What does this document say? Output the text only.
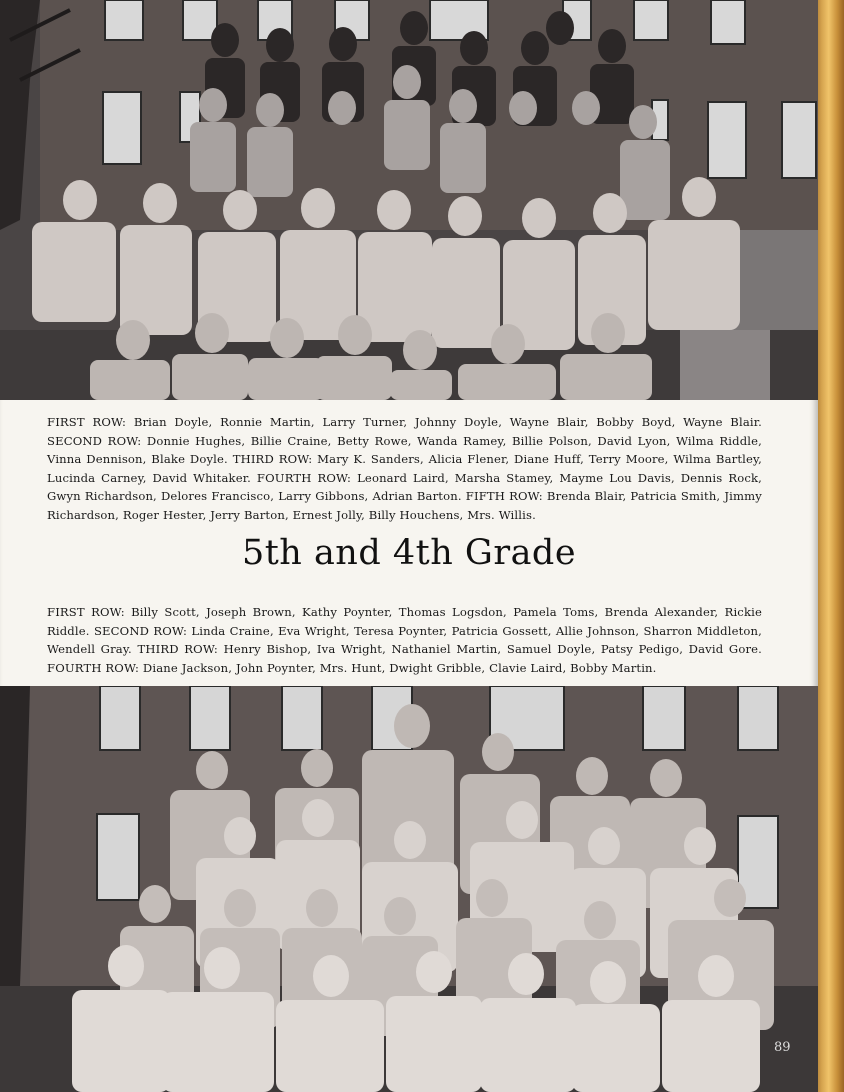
FIRST ROW: Brian Doyle, Ronnie Martin, Larry Turner, Johnny Doyle, Wayne Blair, Bobby Boyd, Wayne Blair. SECOND ROW: Donnie Hughes, Billie Craine, Betty Rowe, Wanda Ramey, Billie Polson, David Lyon, Wilma Riddle, Vinna Dennison, Blake Doyle. THIRD ROW: Mary K. Sanders, Alicia Flener, Diane Huff, Terry Moore, Wilma Bartley, Lucinda Carney, David Whitaker. FOURTH ROW: Leonard Laird, Marsha Stamey, Mayme Lou Davis, Dennis Rock, Gwyn Richardson, Delores Francisco, Larry Gibbons, Adrian Barton. FIFTH ROW: Brenda Blair, Patricia Smith, Jimmy Richardson, Roger Hester, Jerry Barton, Ernest Jolly, Billy Houchens, Mrs. Willis.
5th and 4th Grade
FIRST ROW: Billy Scott, Joseph Brown, Kathy Poynter, Thomas Logsdon, Pamela Toms, Brenda Alexander, Rickie Riddle. SECOND ROW: Linda Craine, Eva Wright, Teresa Poynter, Patricia Gossett, Allie Johnson, Sharron Middleton, Wendell Gray. THIRD ROW: Henry Bishop, Iva Wright, Nathaniel Martin, Samuel Doyle, Patsy Pedigo, David Gore. FOURTH ROW: Diane Jackson, John Poynter, Mrs. Hunt, Dwight Gribble, Clavie Laird, Bobby Martin.
89
